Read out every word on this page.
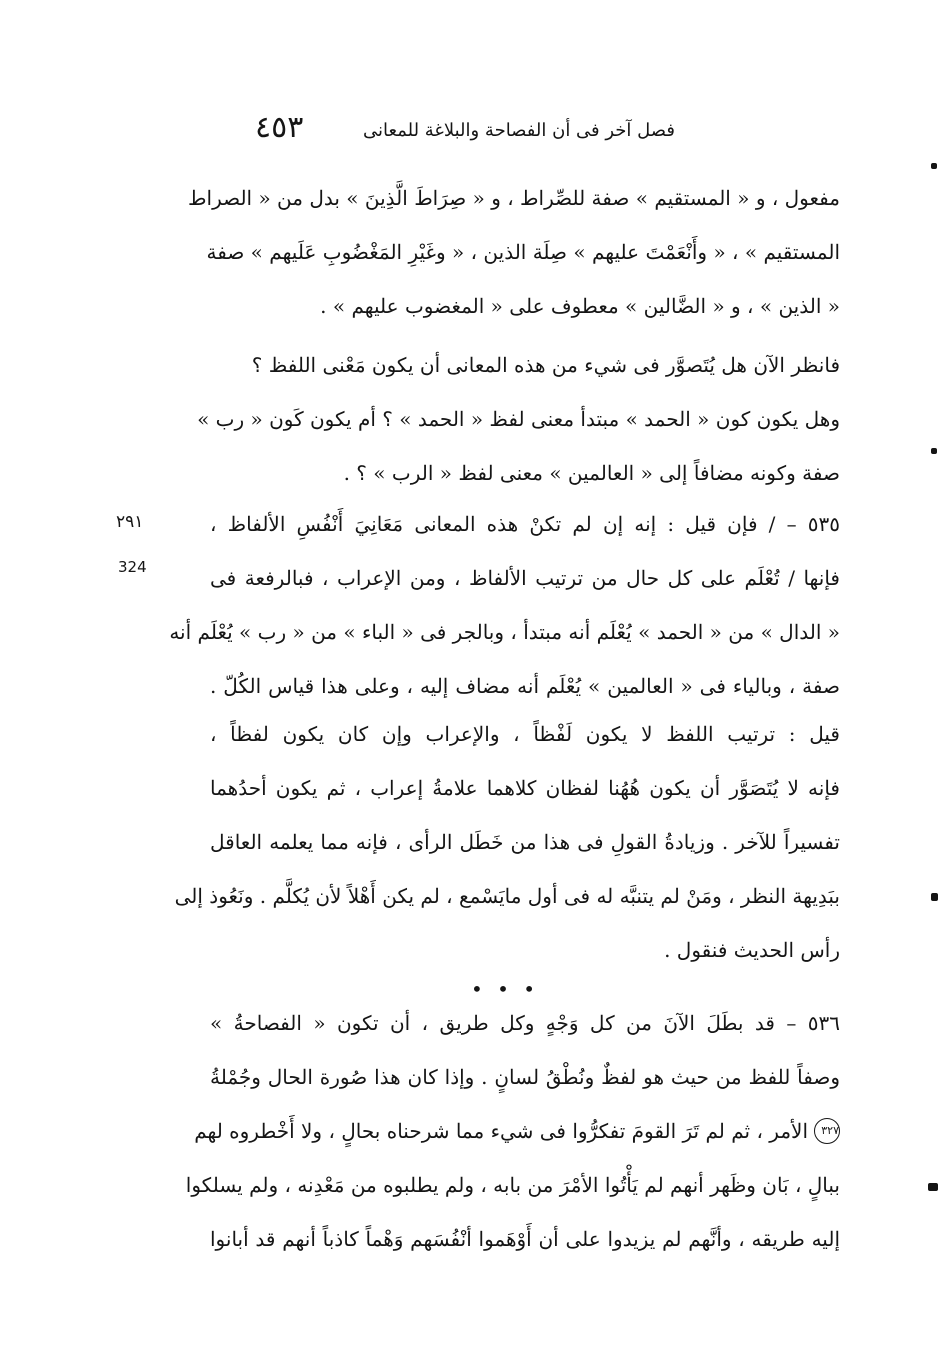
٤٥٣	فصل آخر فى أن الفصاحة والبلاغة للمعانى
مفعول ، و « المستقيم » صفة للصِّراط ، و « صِرَاطَ الَّذِينَ » بدل من « الصراط
المستقيم » ، « وأَنْعَمْتَ عليهم » صِلَة الذين ، « وغَيْرِ المَغْضُوبِ عَلَيهم » صفة
« الذين » ، و « الضَّالين » معطوف على « المغضوب عليهم » .
فانظر الآن هل يُتَصوَّر فى شيء من هذه المعانى أن يكون مَعْنى اللفظ ؟
وهل يكون كون « الحمد » مبتدأ معنى لفظ « الحمد » ؟ أم يكون كَون « رب »
صفة وكونه مضافاً إلى « العالمين » معنى لفظ « الرب » ؟ .
٥٣٥ – / فإن قيل : إنه إن لم تكنْ هذه المعانى مَعَانِيَ أَنْفُسِ الألفاظ ،
فإنها / تُعْلَم على كل حال من ترتيب الألفاظ ، ومن الإعراب ، فبالرفعة فى
« الدال » من « الحمد » يُعْلَم أنه مبتدأ ، وبالجر فى « الباء » من « رب » يُعْلَم أنه
صفة ، وبالياء فى « العالمين » يُعْلَم أنه مضاف إليه ، وعلى هذا قياس الكُلّ .
قيل : ترتيب اللفظ لا يكون لَفْظاً ، والإعراب وإن كان يكون لفظاً ،
فإنه لا يُتَصَوَّر أن يكون هُهُنا لفظان كلاهما علامةُ إعراب ، ثم يكون أحدُهما
تفسيراً للآخر . وزيادةُ القولِ فى هذا من خَطَل الرأى ، فإنه مما يعلمه العاقل
ببَدِيهة النظر ، ومَنْ لم يتنبَّه له فى أول مايَسْمع ، لم يكن أَهْلاً لأن يُكلَّم . ونَعُوذ إلى
رأس الحديث فنقول .
٥٣٦ – قد بطَلَ الآنَ من كل وَجْهٍ وكل طريق ، أن تكون « الفصاحةُ »
وصفاً للفظ من حيث هو لفظٌ ونُطْقُ لسانٍ . وإذا كان هذا صُورة الحال وجُمْلةُ
٣٢٧
الأمر ، ثم لم تَرَ القومَ تفكرُّوا فى شيء مما شرحناه بحالٍ ، ولا أَخْطروه لهم
ببالٍ ، بَان وظَهر أنهم لم يَأْتُوا الأمْرَ من بابه ، ولم يطلبوه من مَعْدِنه ، ولم يسلكوا
إليه طريقه ، وأنَّهم لم يزيدوا على أن أَوْهَموا أنْفُسَهم وَهْماً كاذباً أنهم قد أبانوا
• • •
٢٩١
324
